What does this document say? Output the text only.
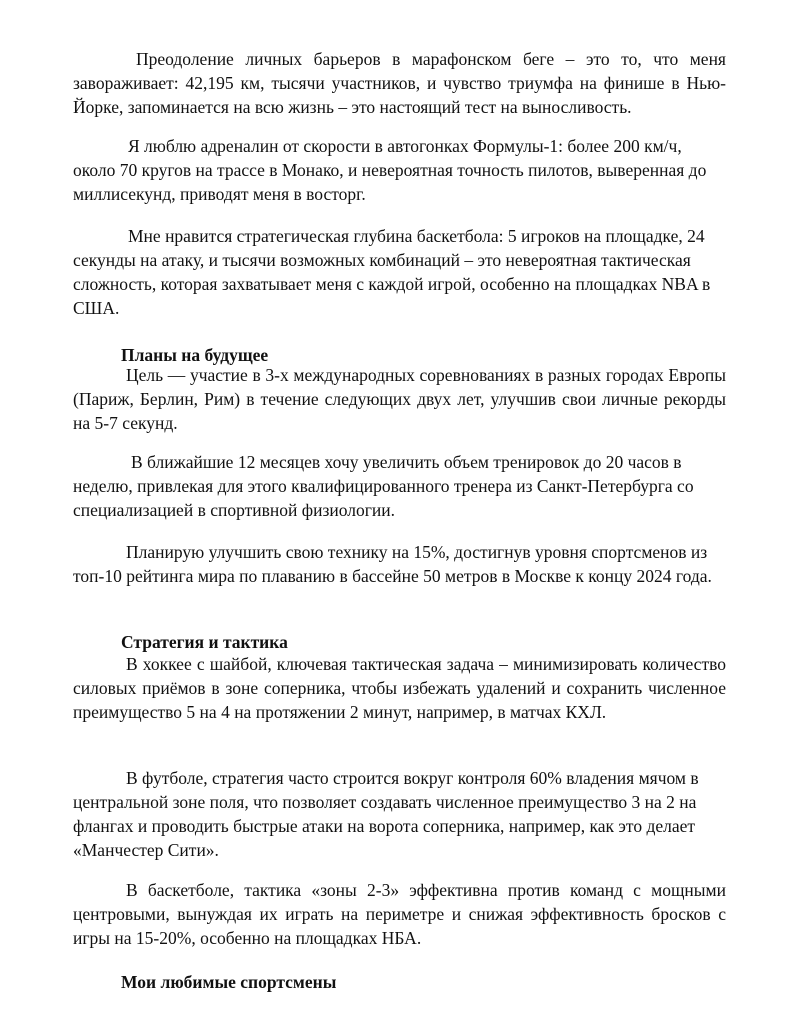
Преодоление личных барьеров в марафонском беге – это то, что меня завораживает: 42,195 км, тысячи участников, и чувство триумфа на финише в Нью-Йорке, запоминается на всю жизнь – это настоящий тест на выносливость.

Я люблю адреналин от скорости в автогонках Формулы-1: более 200 км/ч, около 70 кругов на трассе в Монако, и невероятная точность пилотов, выверенная до миллисекунд, приводят меня в восторг.

Мне нравится стратегическая глубина баскетбола: 5 игроков на площадке, 24 секунды на атаку, и тысячи возможных комбинаций – это невероятная тактическая сложность, которая захватывает меня с каждой игрой, особенно на площадках NBA в США.

Планы на будущее

Цель — участие в 3-х международных соревнованиях в разных городах Европы (Париж, Берлин, Рим) в течение следующих двух лет, улучшив свои личные рекорды на 5-7 секунд.

В ближайшие 12 месяцев хочу увеличить объем тренировок до 20 часов в неделю, привлекая для этого квалифицированного тренера из Санкт-Петербурга со специализацией в спортивной физиологии.

Планирую улучшить свою технику на 15%, достигнув уровня спортсменов из топ-10 рейтинга мира по плаванию в бассейне 50 метров в Москве к концу 2024 года.

Стратегия и тактика

В хоккее с шайбой, ключевая тактическая задача – минимизировать количество силовых приёмов в зоне соперника, чтобы избежать удалений и сохранить численное преимущество 5 на 4 на протяжении 2 минут, например, в матчах КХЛ.

В футболе, стратегия часто строится вокруг контроля 60% владения мячом в центральной зоне поля, что позволяет создавать численное преимущество 3 на 2 на флангах и проводить быстрые атаки на ворота соперника, например, как это делает «Манчестер Сити».

В баскетболе, тактика «зоны 2-3» эффективна против команд с мощными центровыми, вынуждая их играть на периметре и снижая эффективность бросков с игры на 15-20%, особенно на площадках НБА.

Мои любимые спортсмены
